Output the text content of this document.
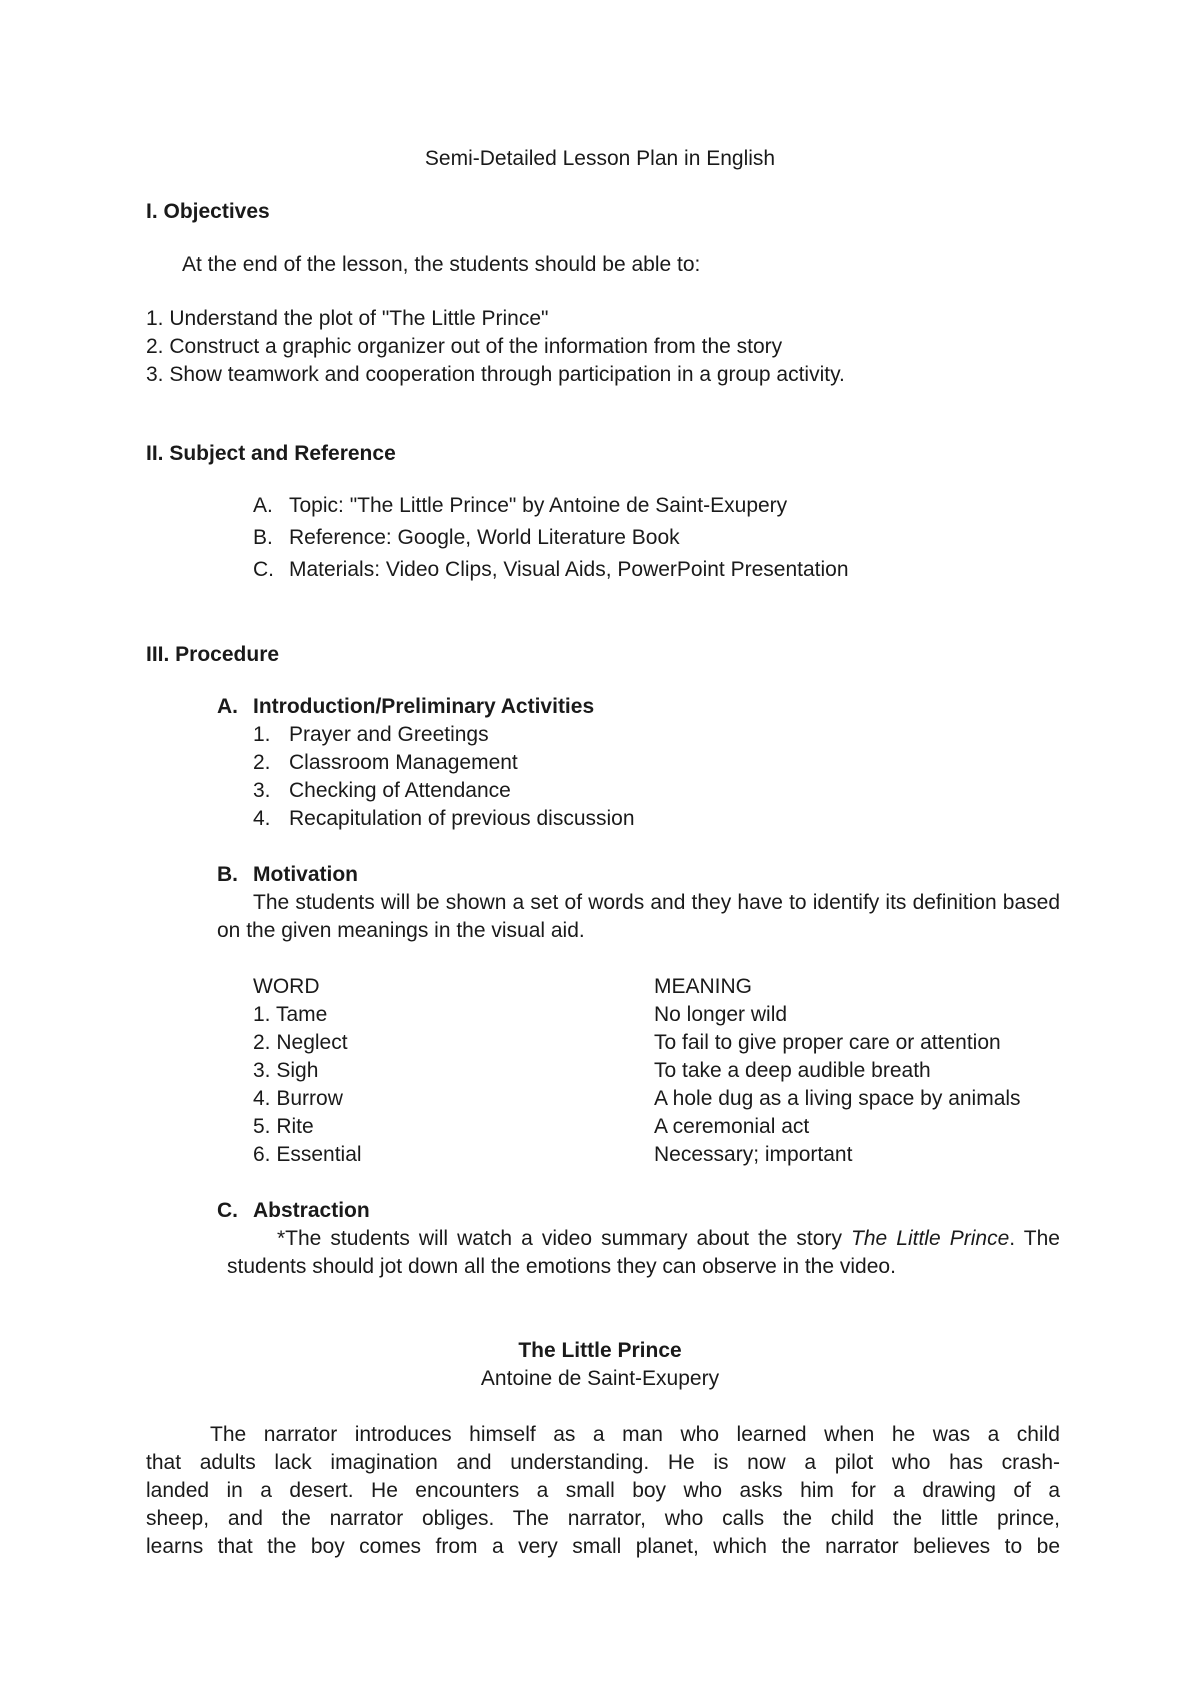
Semi-Detailed Lesson Plan in English
I. Objectives
At the end of the lesson, the students should be able to:
1. Understand the plot of "The Little Prince"
2. Construct a graphic organizer out of the information from the story
3. Show teamwork and cooperation through participation in a group activity.
II. Subject and Reference
A. Topic: "The Little Prince" by Antoine de Saint-Exupery
B. Reference: Google, World Literature Book
C. Materials: Video Clips, Visual Aids, PowerPoint Presentation
III. Procedure
A. Introduction/Preliminary Activities
1. Prayer and Greetings
2. Classroom Management
3. Checking of Attendance
4. Recapitulation of previous discussion
B. Motivation
The students will be shown a set of words and they have to identify its definition based on the given meanings in the visual aid.
WORD	MEANING
1. Tame	No longer wild
2. Neglect	To fail to give proper care or attention
3. Sigh	To take a deep audible breath
4. Burrow	A hole dug as a living space by animals
5. Rite	A ceremonial act
6. Essential	Necessary; important
C. Abstraction
*The students will watch a video summary about the story The Little Prince. The students should jot down all the emotions they can observe in the video.
The Little Prince
Antoine de Saint-Exupery
The narrator introduces himself as a man who learned when he was a child
that adults lack imagination and understanding. He is now a pilot who has crash-
landed in a desert. He encounters a small boy who asks him for a drawing of a
sheep, and the narrator obliges. The narrator, who calls the child the little prince,
learns that the boy comes from a very small planet, which the narrator believes to be
